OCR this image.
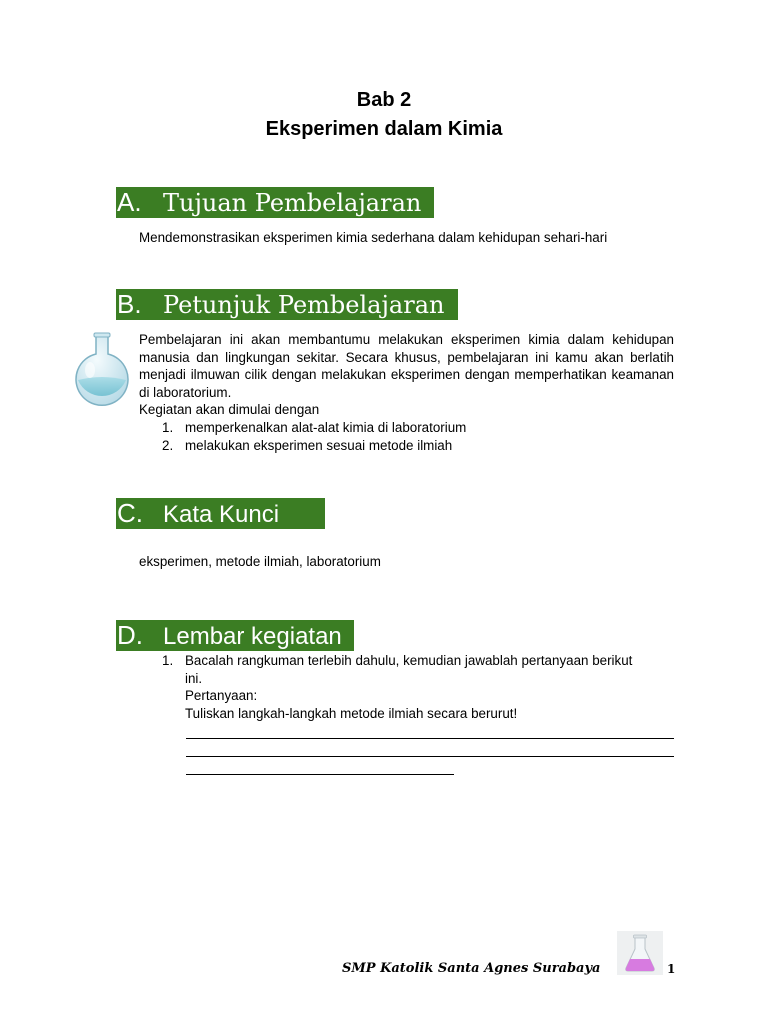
Bab 2
Eksperimen dalam Kimia
A. Tujuan Pembelajaran
Mendemonstrasikan eksperimen kimia sederhana dalam kehidupan sehari-hari
B. Petunjuk Pembelajaran
Pembelajaran ini akan membantumu melakukan eksperimen kimia dalam kehidupan manusia dan lingkungan sekitar. Secara khusus, pembelajaran ini kamu akan berlatih menjadi ilmuwan cilik dengan melakukan eksperimen dengan memperhatikan keamanan di laboratorium.
Kegiatan akan dimulai dengan
1. memperkenalkan alat-alat kimia di laboratorium
2. melakukan eksperimen sesuai metode ilmiah
C. Kata Kunci
eksperimen, metode ilmiah, laboratorium
D. Lembar kegiatan
1. Bacalah rangkuman terlebih dahulu, kemudian jawablah pertanyaan berikut
ini.
Pertanyaan:
Tuliskan langkah-langkah metode ilmiah secara berurut!
SMP Katolik Santa Agnes Surabaya	1
